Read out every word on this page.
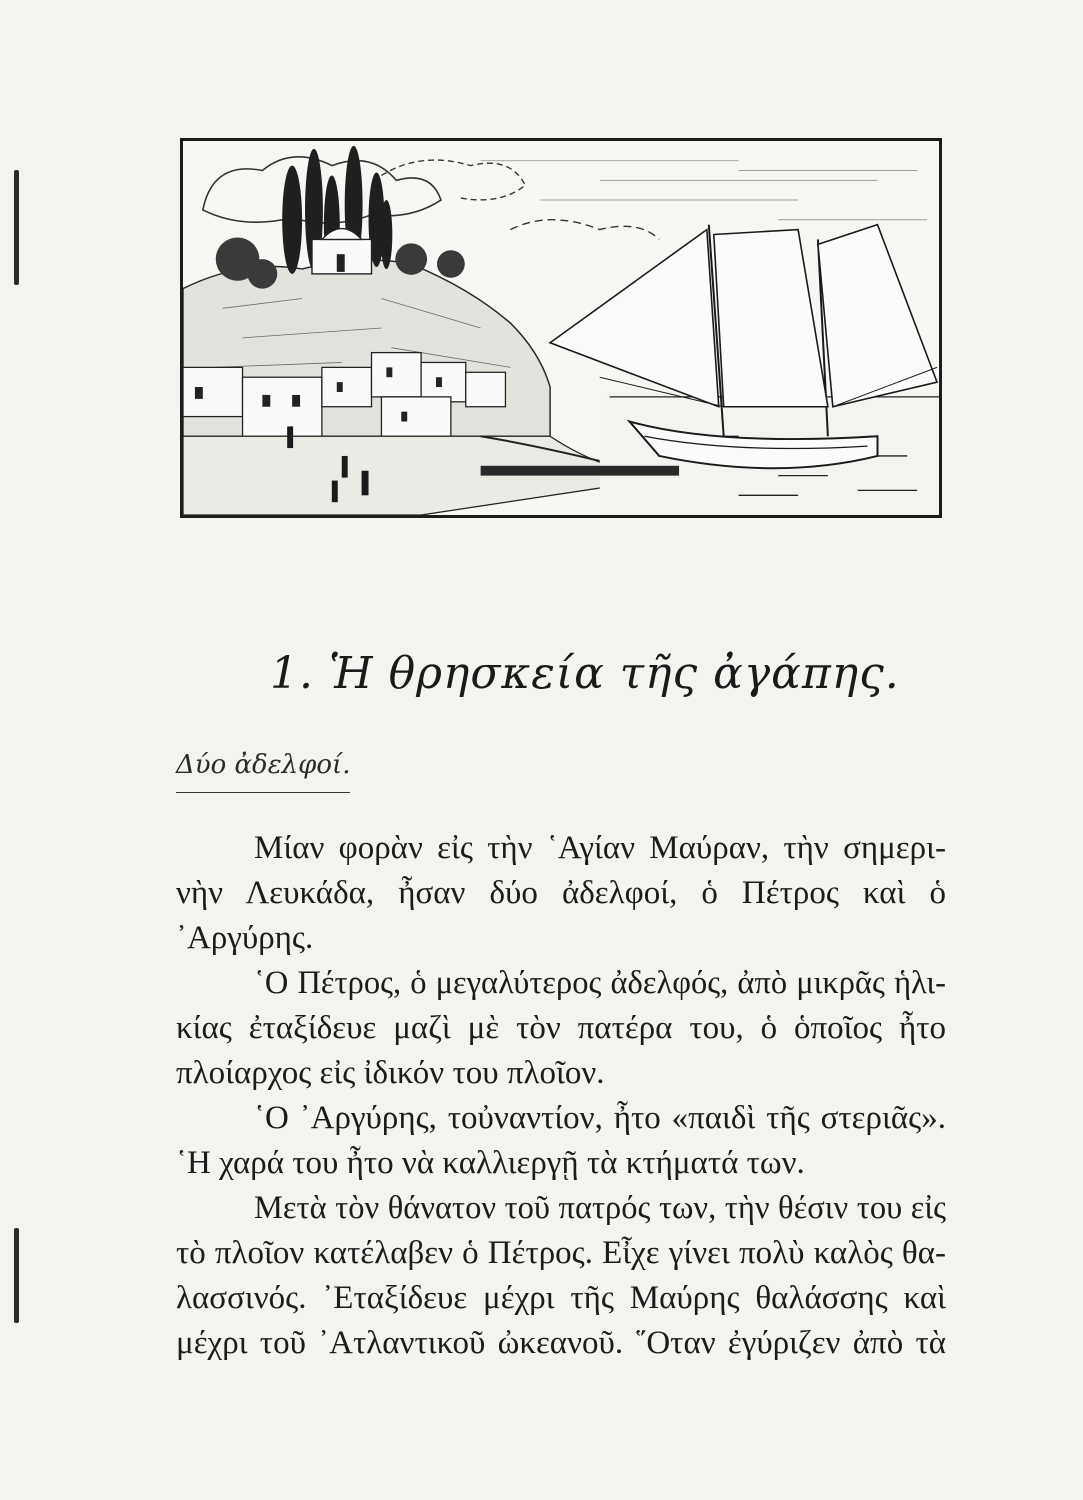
1. Ἡ θρησκεία τῆς ἀγάπης.
Δύο ἀδελφοί.
Μίαν φορὰν εἰς τὴν ῾Αγίαν Μαύραν, τὴν σημερι-
νὴν Λευκάδα, ἦσαν δύο ἀδελφοί, ὁ Πέτρος καὶ ὁ
᾿Αργύρης.
῾Ο Πέτρος, ὁ μεγαλύτερος ἀδελφός, ἀπὸ μικρᾶς ἡλι-
κίας ἐταξίδευε μαζὶ μὲ τὸν πατέρα του, ὁ ὁποῖος ἦτο
πλοίαρχος εἰς ἰδικόν του πλοῖον.
῾Ο ᾿Αργύρης, τοὐναντίον, ἦτο «παιδὶ τῆς στεριᾶς».
῾Η χαρά του ἦτο νὰ καλλιεργῇ τὰ κτήματά των.
Μετὰ τὸν θάνατον τοῦ πατρός των, τὴν θέσιν του εἰς
τὸ πλοῖον κατέλαβεν ὁ Πέτρος. Εἶχε γίνει πολὺ καλὸς θα-
λασσινός. ᾿Εταξίδευε μέχρι τῆς Μαύρης θαλάσσης καὶ
μέχρι τοῦ ᾿Ατλαντικοῦ ὠκεανοῦ. ῞Οταν ἐγύριζεν ἀπὸ τὰ
